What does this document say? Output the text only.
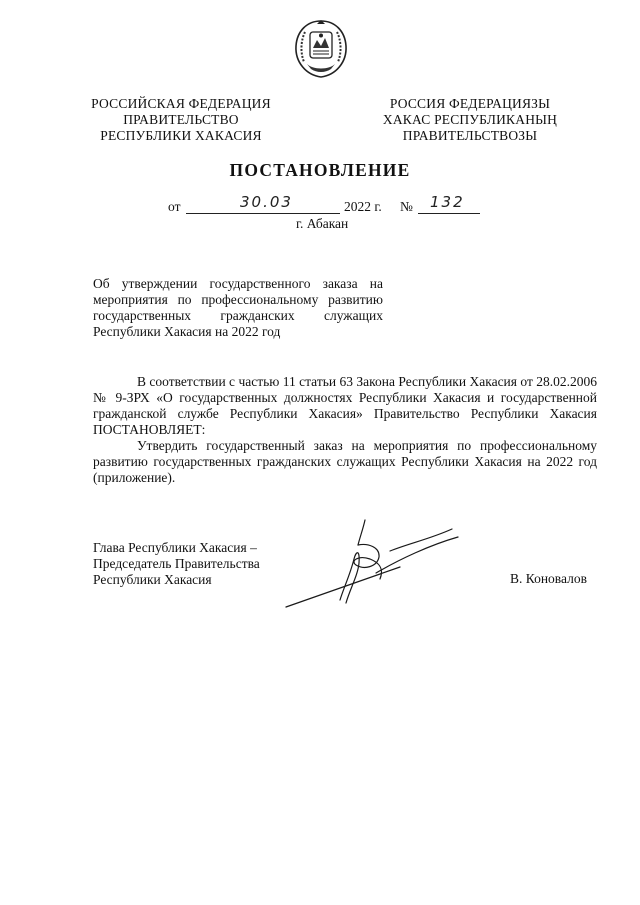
РОССИЙСКАЯ ФЕДЕРАЦИЯ
ПРАВИТЕЛЬСТВО
РЕСПУБЛИКИ ХАКАСИЯ
РОССИЯ ФЕДЕРАЦИЯЗЫ
ХАКАС РЕСПУБЛИКАНЫҢ
ПРАВИТЕЛЬСТВОЗЫ
ПОСТАНОВЛЕНИЕ
от	30.03	2022 г. № 132
г. Абакан
Об утверждении государственного заказа на мероприятия по профессиональному развитию государственных гражданских служащих Республики Хакасия на 2022 год

В соответствии с частью 11 статьи 63 Закона Республики Хакасия от 28.02.2006 № 9-ЗРХ «О государственных должностях Республики Хакасия и государственной гражданской службе Республики Хакасия» Правительство Республики Хакасия ПОСТАНОВЛЯЕТ:

Утвердить государственный заказ на мероприятия по профессиональному развитию государственных гражданских служащих Республики Хакасия на 2022 год (приложение).

Глава Республики Хакасия –
Председатель Правительства
Республики Хакасия	В. Коновалов
